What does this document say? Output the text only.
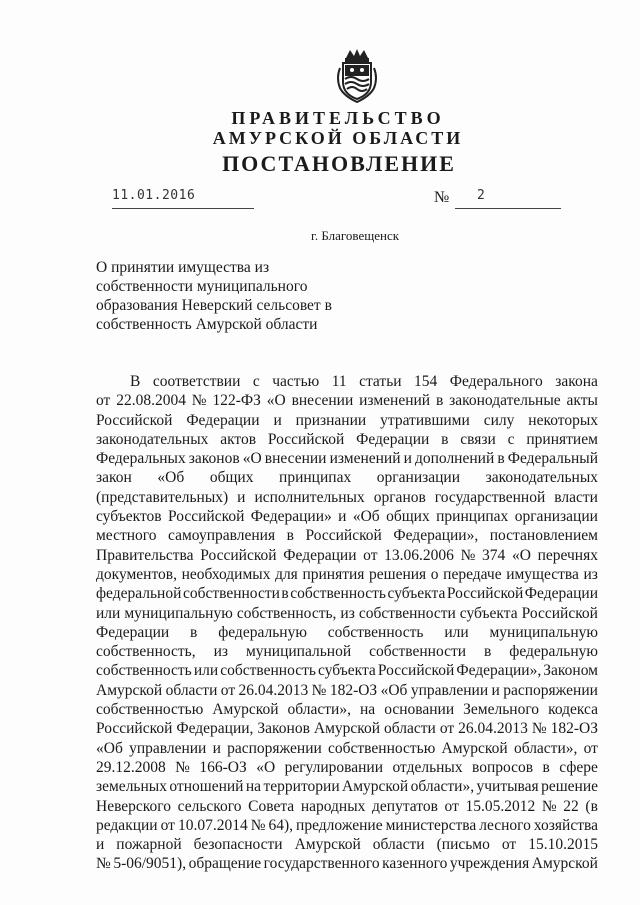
ПРАВИТЕЛЬСТВО
АМУРСКОЙ ОБЛАСТИ
ПОСТАНОВЛЕНИЕ
11.01.2016	№ 2
г. Благовещенск
О принятии имущества из
собственности муниципального
образования Неверский сельсовет в
собственность Амурской области
В соответствии с частью 11 статьи 154 Федерального закона
от 22.08.2004 № 122-ФЗ «О внесении изменений в законодательные акты
Российской Федерации и признании утратившими силу некоторых
законодательных актов Российской Федерации в связи с принятием
Федеральных законов «О внесении изменений и дополнений в Федеральный
закон «Об общих принципах организации законодательных
(представительных) и исполнительных органов государственной власти
субъектов Российской Федерации» и «Об общих принципах организации
местного самоуправления в Российской Федерации», постановлением
Правительства Российской Федерации от 13.06.2006 № 374 «О перечнях
документов, необходимых для принятия решения о передаче имущества из
федеральной собственности в собственность субъекта Российской Федерации
или муниципальную собственность, из собственности субъекта Российской
Федерации в федеральную собственность или муниципальную
собственность, из муниципальной собственности в федеральную
собственность или собственность субъекта Российской Федерации», Законом
Амурской области от 26.04.2013 № 182-ОЗ «Об управлении и распоряжении
собственностью Амурской области», на основании Земельного кодекса
Российской Федерации, Законов Амурской области от 26.04.2013 № 182-ОЗ
«Об управлении и распоряжении собственностью Амурской области», от
29.12.2008 № 166-ОЗ «О регулировании отдельных вопросов в сфере
земельных отношений на территории Амурской области», учитывая решение
Неверского сельского Совета народных депутатов от 15.05.2012 № 22 (в
редакции от 10.07.2014 № 64), предложение министерства лесного хозяйства
и пожарной безопасности Амурской области (письмо от 15.10.2015
№ 5-06/9051), обращение государственного казенного учреждения Амурской
